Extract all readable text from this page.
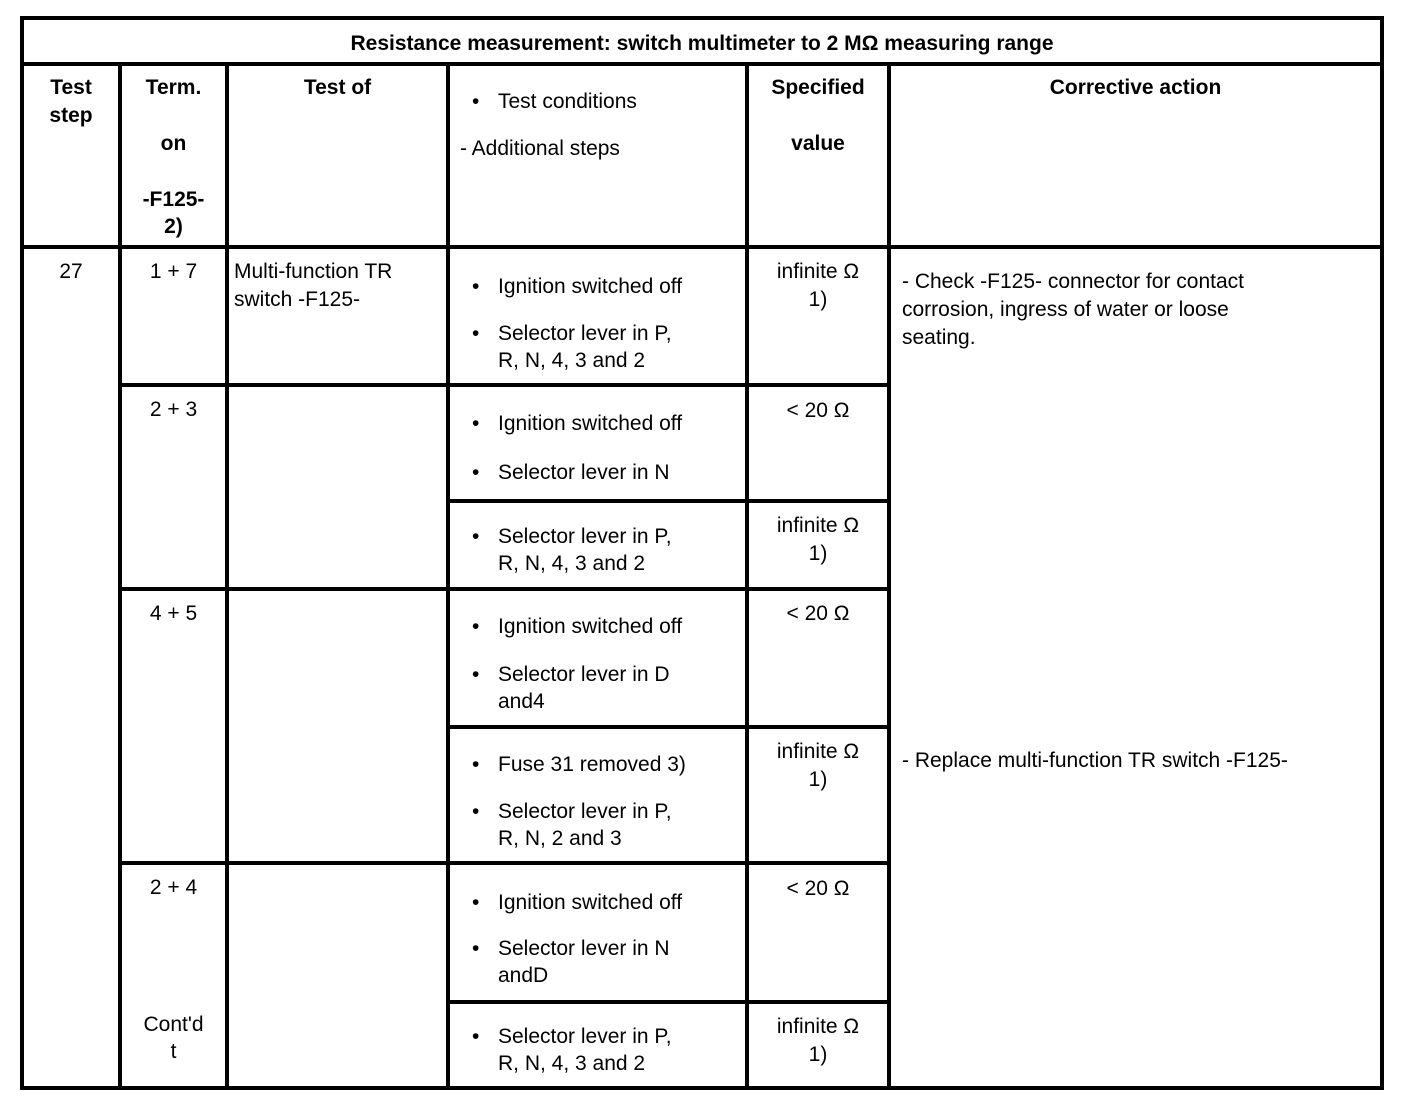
Resistance measurement: switch multimeter to 2 MΩ measuring range
Test
step
Term.
on
-F125-
2)
Test of
• Test conditions
- Additional steps
Specified
value
Corrective action
27	1 + 7
2 + 3
4 + 5
2 + 4
Cont'd
t
Multi-function TR
switch -F125-
• Ignition switched off
• Selector lever in P,
R, N, 4, 3 and 2
• Ignition switched off
• Selector lever in N
• Selector lever in P,
R, N, 4, 3 and 2
• Ignition switched off
• Selector lever in D
and4
• Fuse 31 removed 3)
• Selector lever in P,
R, N, 2 and 3
• Ignition switched off
• Selector lever in N
andD
• Selector lever in P,
R, N, 4, 3 and 2
infinite Ω
1)
< 20 Ω
infinite Ω
1)
< 20 Ω
infinite Ω
1)
< 20 Ω
infinite Ω
1)
- Check -F125- connector for contact
corrosion, ingress of water or loose
seating.
- Replace multi-function TR switch -F125-
